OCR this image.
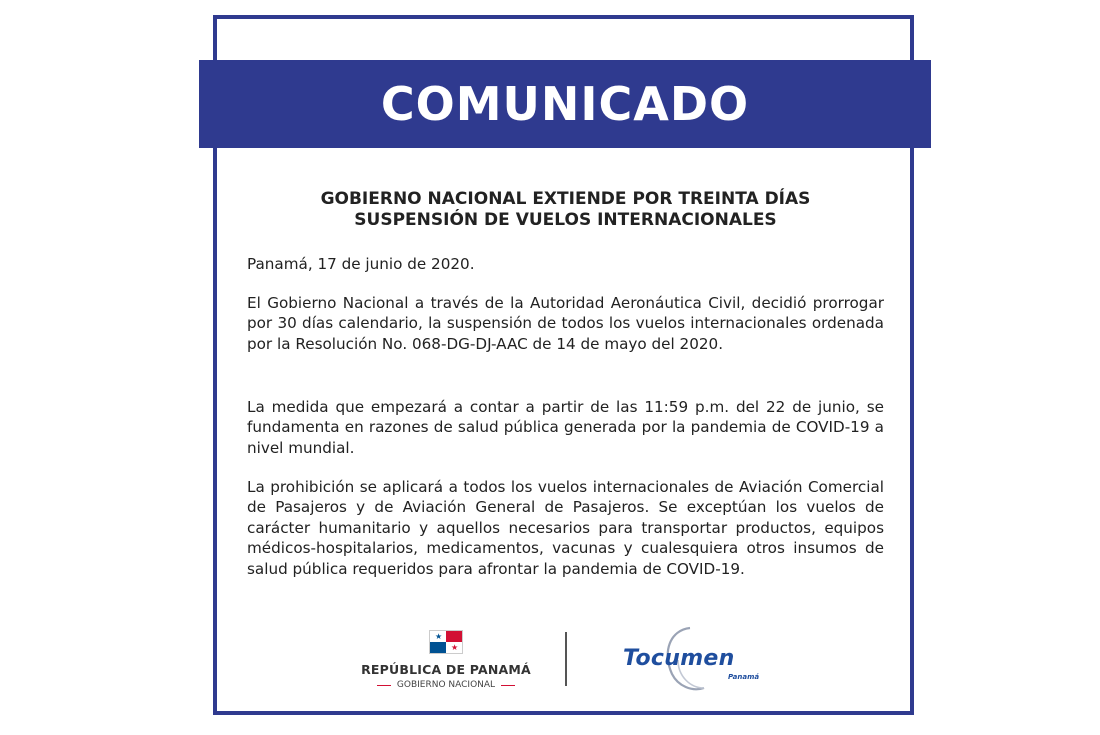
COMUNICADO
GOBIERNO NACIONAL EXTIENDE POR TREINTA DÍAS
SUSPENSIÓN DE VUELOS INTERNACIONALES

Panamá, 17 de junio de 2020.

El Gobierno Nacional a través de la Autoridad Aeronáutica Civil, decidió prorrogar por 30 días calendario, la suspensión de todos los vuelos internacionales ordenada por la Resolución No. 068-DG-DJ-AAC de 14 de mayo del 2020.

La medida que empezará a contar a partir de las 11:59 p.m. del 22 de junio, se fundamenta en razones de salud pública generada por la pandemia de COVID-19 a nivel mundial.

La prohibición se aplicará a todos los vuelos internacionales de Aviación Comercial de Pasajeros y de Aviación General de Pasajeros. Se exceptúan los vuelos de carácter humanitario y aquellos necesarios para transportar productos, equipos médicos-hospitalarios, medicamentos, vacunas y cualesquiera otros insumos de salud pública requeridos para afrontar la pandemia de COVID-19.

★
★
REPÚBLICA DE PANAMÁ
GOBIERNO NACIONAL
Tocumen
Panamá
